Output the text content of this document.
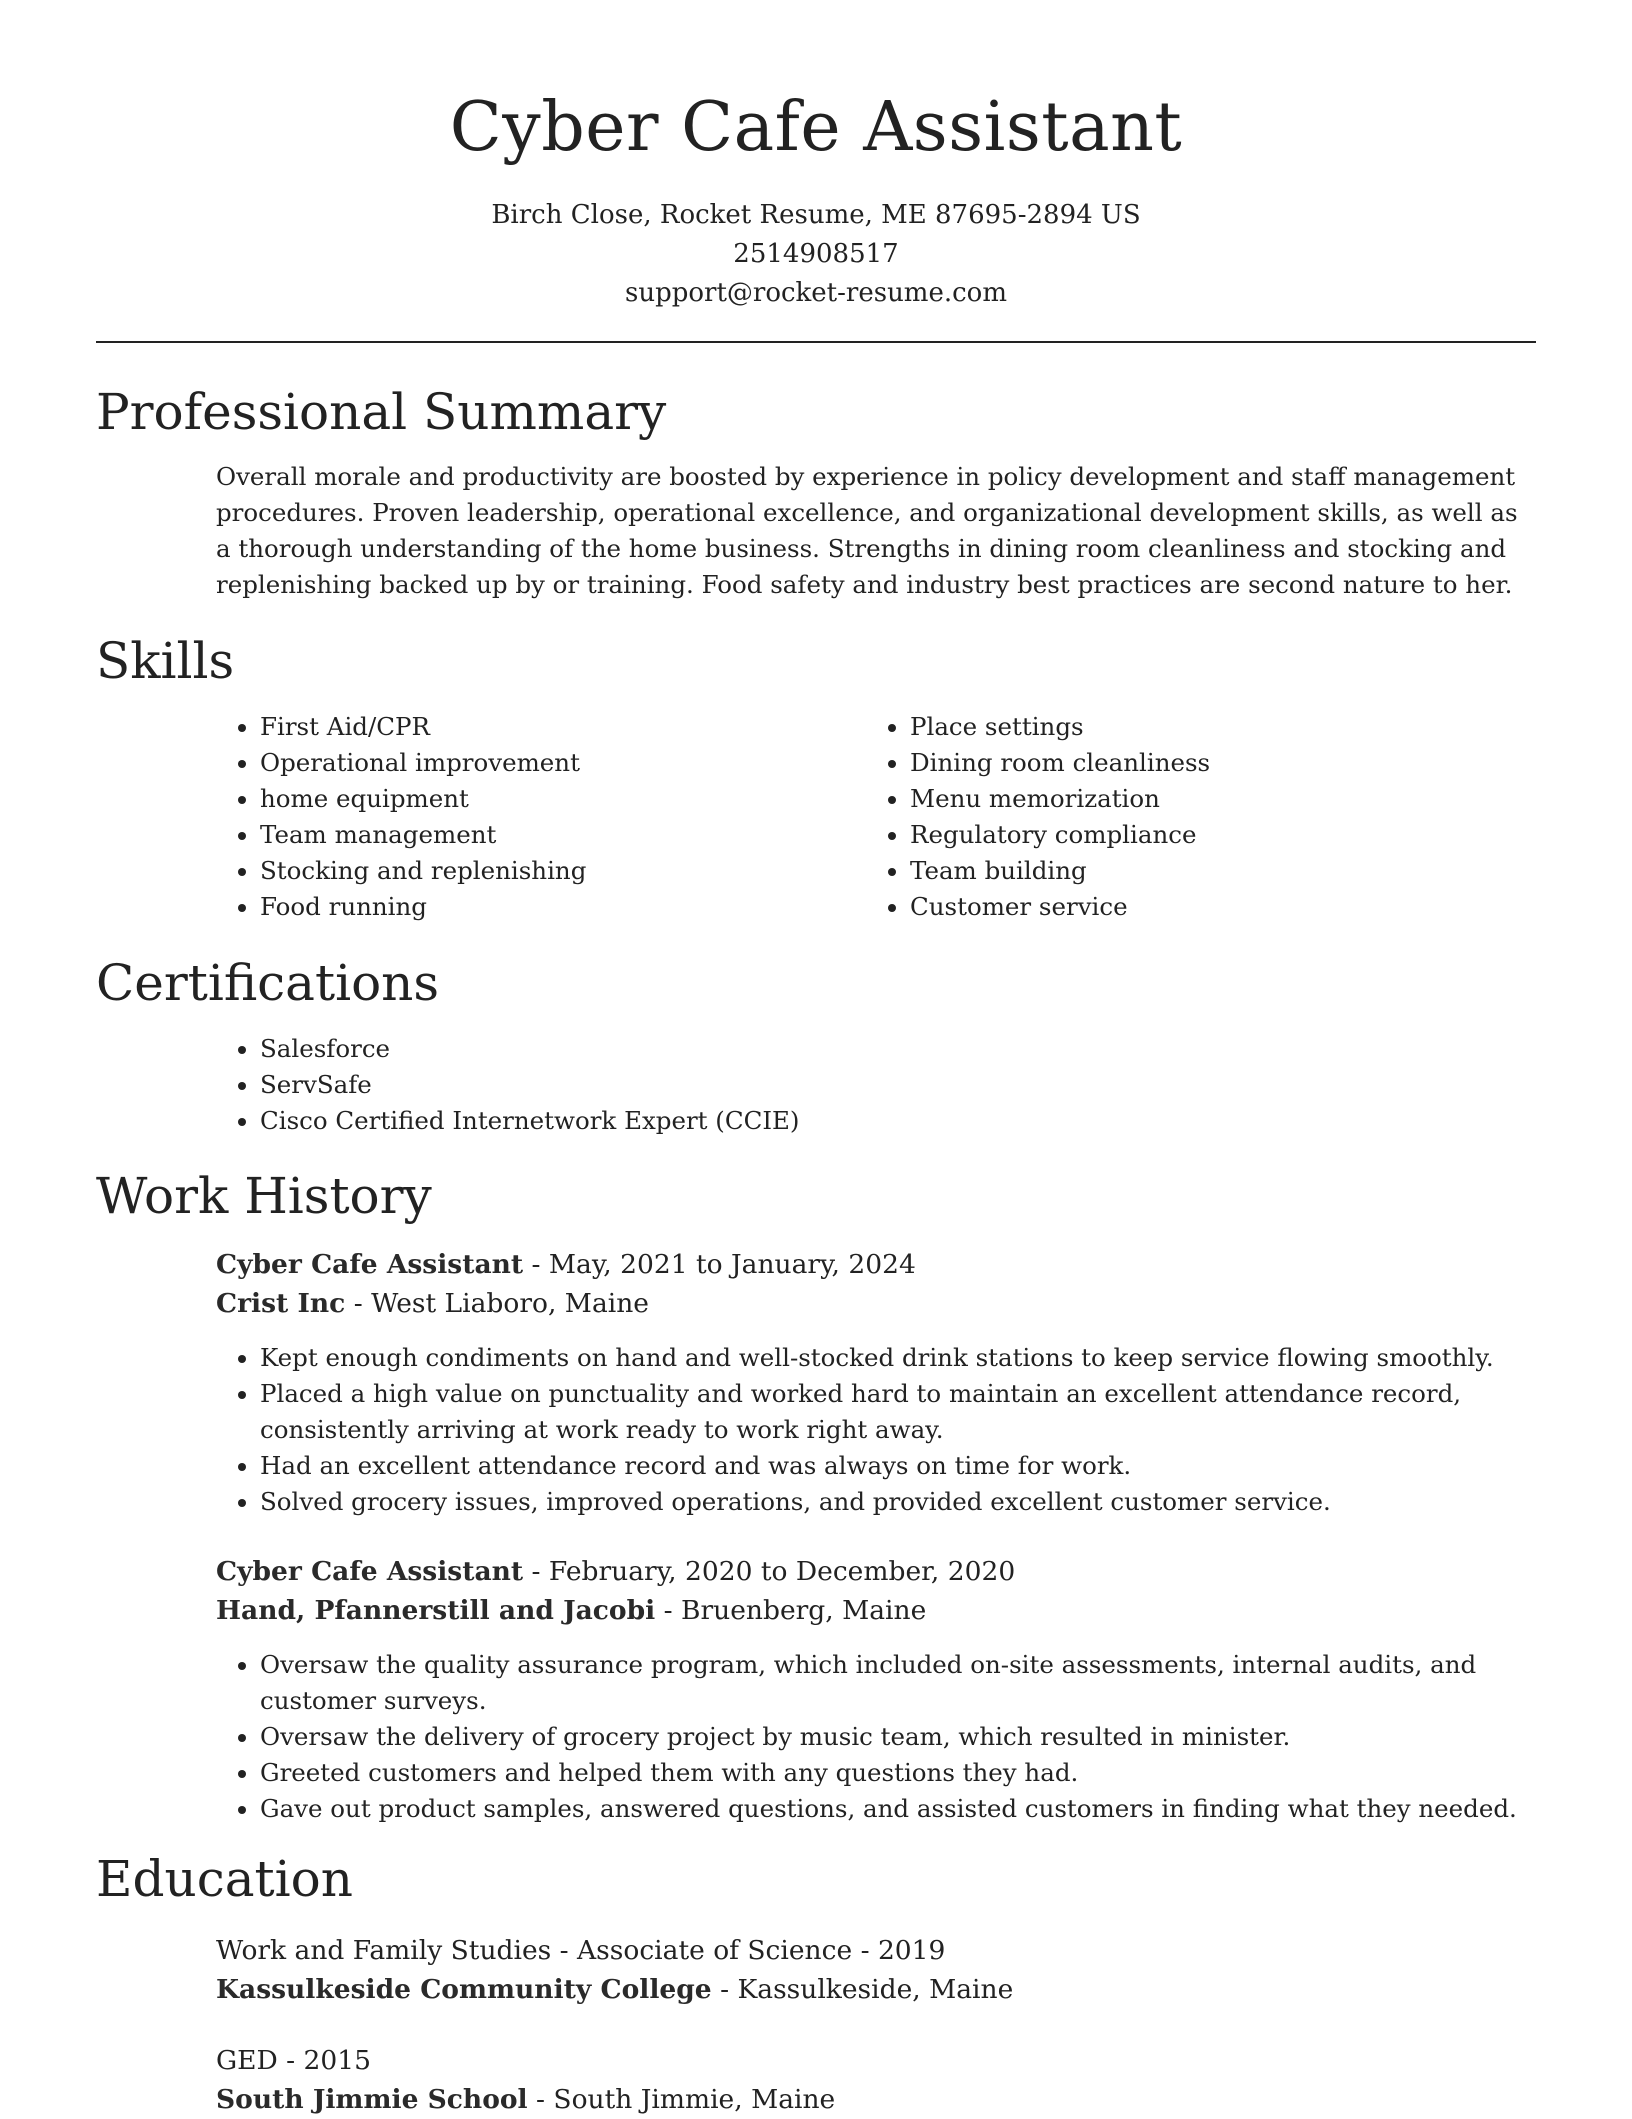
Cyber Cafe Assistant

Birch Close, Rocket Resume, ME 87695-2894 US

2514908517

support@rocket-resume.com

Professional Summary

Overall morale and productivity are boosted by experience in policy development and staff management procedures. Proven leadership, operational excellence, and organizational development skills, as well as a thorough understanding of the home business. Strengths in dining room cleanliness and stocking and replenishing backed up by or training. Food safety and industry best practices are second nature to her.

Skills
• First Aid/CPR
• Operational improvement
• home equipment
• Team management
• Stocking and replenishing
• Food running
• Place settings
• Dining room cleanliness
• Menu memorization
• Regulatory compliance
• Team building
• Customer service
Certifications
• Salesforce
• ServSafe
• Cisco Certified Internetwork Expert (CCIE)
Work History

Cyber Cafe Assistant - May, 2021 to January, 2024

Crist Inc - West Liaboro, Maine

• Kept enough condiments on hand and well-stocked drink stations to keep service flowing smoothly.
• Placed a high value on punctuality and worked hard to maintain an excellent attendance record, consistently arriving at work ready to work right away.
• Had an excellent attendance record and was always on time for work.
• Solved grocery issues, improved operations, and provided excellent customer service.

Cyber Cafe Assistant - February, 2020 to December, 2020

Hand, Pfannerstill and Jacobi - Bruenberg, Maine

• Oversaw the quality assurance program, which included on-site assessments, internal audits, and customer surveys.
• Oversaw the delivery of grocery project by music team, which resulted in minister.
• Greeted customers and helped them with any questions they had.
• Gave out product samples, answered questions, and assisted customers in finding what they needed.
Education

Work and Family Studies - Associate of Science - 2019

Kassulkeside Community College - Kassulkeside, Maine

GED - 2015

South Jimmie School - South Jimmie, Maine
